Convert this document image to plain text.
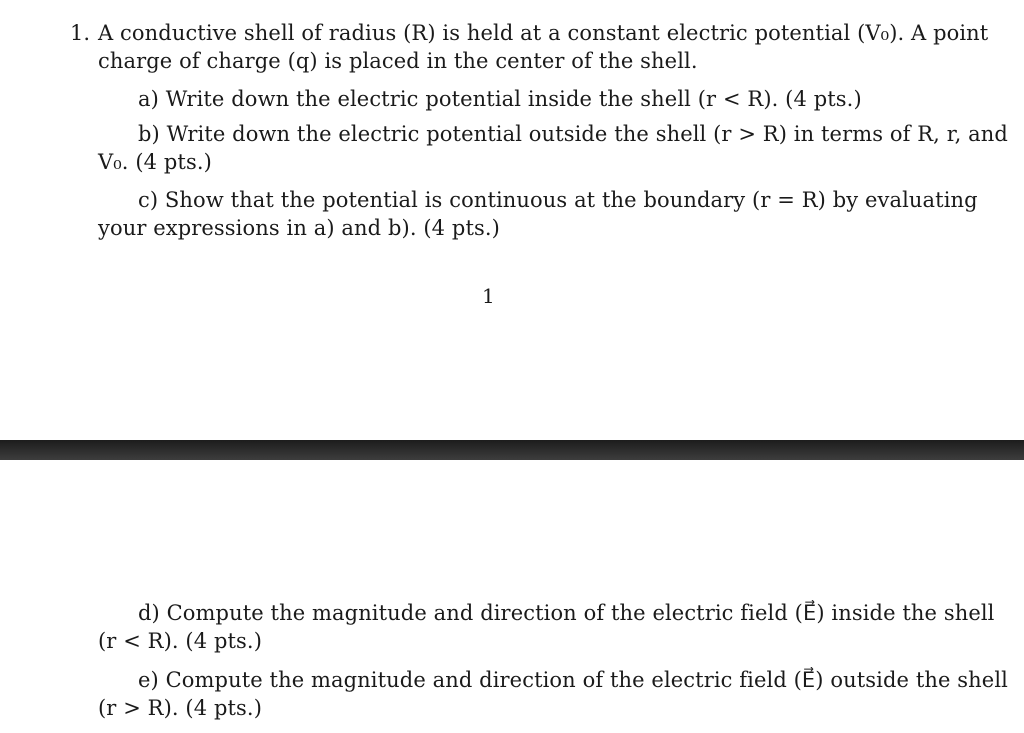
1. A conductive shell of radius (R) is held at a constant electric potential (V₀). A point
charge of charge (q) is placed in the center of the shell.
a) Write down the electric potential inside the shell (r < R). (4 pts.)
b) Write down the electric potential outside the shell (r > R) in terms of R, r, and
V₀. (4 pts.)
c) Show that the potential is continuous at the boundary (r = R) by evaluating
your expressions in a) and b). (4 pts.)
1
d) Compute the magnitude and direction of the electric field (E⃗) inside the shell
(r < R). (4 pts.)
e) Compute the magnitude and direction of the electric field (E⃗) outside the shell
(r > R). (4 pts.)
